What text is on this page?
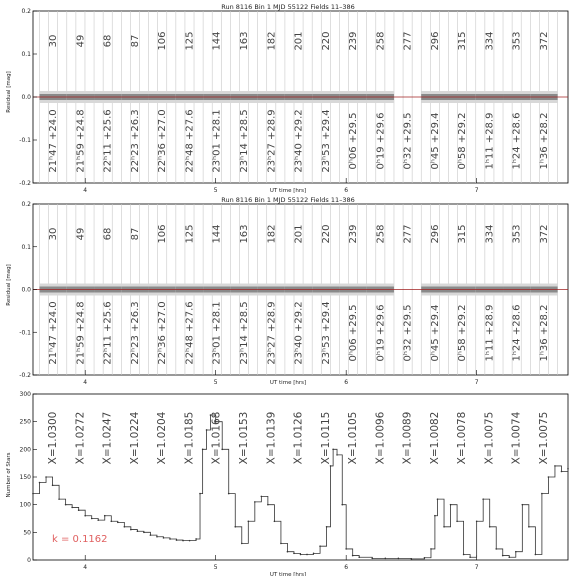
Run 8116 Bin 1 MJD 55122 Fields 11–386
UT time [hrs]
Residual [mag]
-0.2
-0.1
0.0
0.1
0.2
4	5	6	7
30 49 68 87 106 125 144 163 182 201 220 239 258 277 296 315 334 353 372
21ʰ47 +24.0 21ʰ59 +24.8 22ʰ11 +25.6 22ʰ23 +26.3 22ʰ36 +27.0 22ʰ48 +27.6 23ʰ01 +28.1 23ʰ14 +28.5 23ʰ27 +28.9 23ʰ40 +29.2 23ʰ53 +29.4 0ʰ06 +29.5 0ʰ19 +29.6 0ʰ32 +29.5 0ʰ45 +29.4 0ʰ58 +29.2 1ʰ11 +28.9 1ʰ24 +28.6 1ʰ36 +28.2
Run 8116 Bin 1 MJD 55122 Fields 11–386
UT time [hrs]
Residual [mag]
-0.2
-0.1
0.0
0.1
0.2
4	5	6	7
30 49 68 87 106 125 144 163 182 201 220 239 258 277 296 315 334 353 372
21ʰ47 +24.0 21ʰ59 +24.8 22ʰ11 +25.6 22ʰ23 +26.3 22ʰ36 +27.0 22ʰ48 +27.6 23ʰ01 +28.1 23ʰ14 +28.5 23ʰ27 +28.9 23ʰ40 +29.2 23ʰ53 +29.4 0ʰ06 +29.5 0ʰ19 +29.6 0ʰ32 +29.5 0ʰ45 +29.4 0ʰ58 +29.2 1ʰ11 +28.9 1ʰ24 +28.6 1ʰ36 +28.2
UT time [hrs]
Number of Stars
k = 0.1162
0
50
100
150
200
250
300
4	5	6	7
X=1.0300 X=1.0272 X=1.0247 X=1.0224 X=1.0204 X=1.0185 X=1.0168 X=1.0153 X=1.0139 X=1.0126 X=1.0115 X=1.0105 X=1.0096 X=1.0089 X=1.0082 X=1.0078 X=1.0075 X=1.0074 X=1.0075
